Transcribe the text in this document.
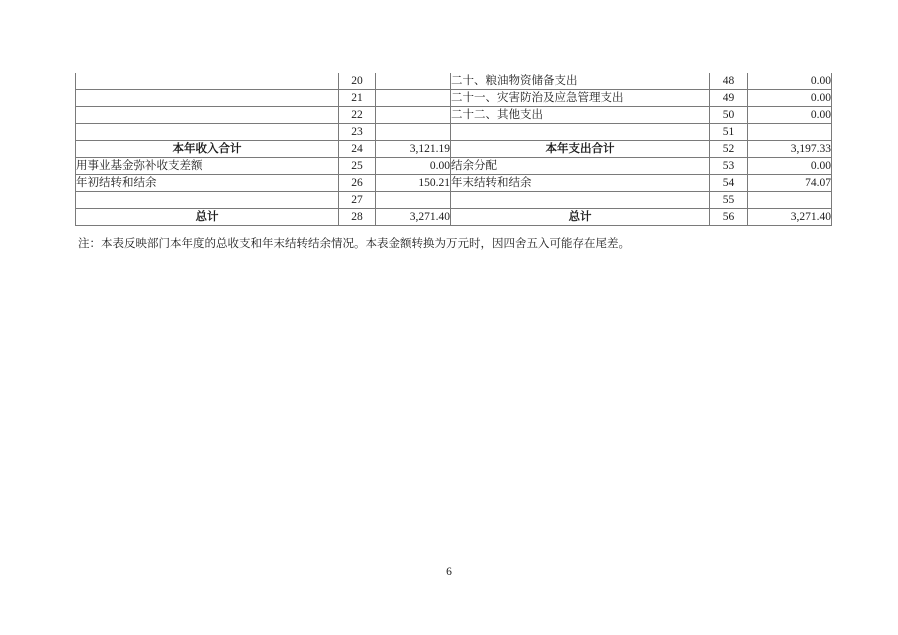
	20		二十、粮油物资储备支出	48	0.00
	21		二十一、灾害防治及应急管理支出	49	0.00
	22		二十二、其他支出	50	0.00
	23			51	
本年收入合计	24	3,121.19	本年支出合计	52	3,197.33
用事业基金弥补收支差额	25	0.00	结余分配	53	0.00
年初结转和结余	26	150.21	年末结转和结余	54	74.07
	27			55	
总计	28	3,271.40	总计	56	3,271.40
注：本表反映部门本年度的总收支和年末结转结余情况。本表金额转换为万元时，因四舍五入可能存在尾差。
6
